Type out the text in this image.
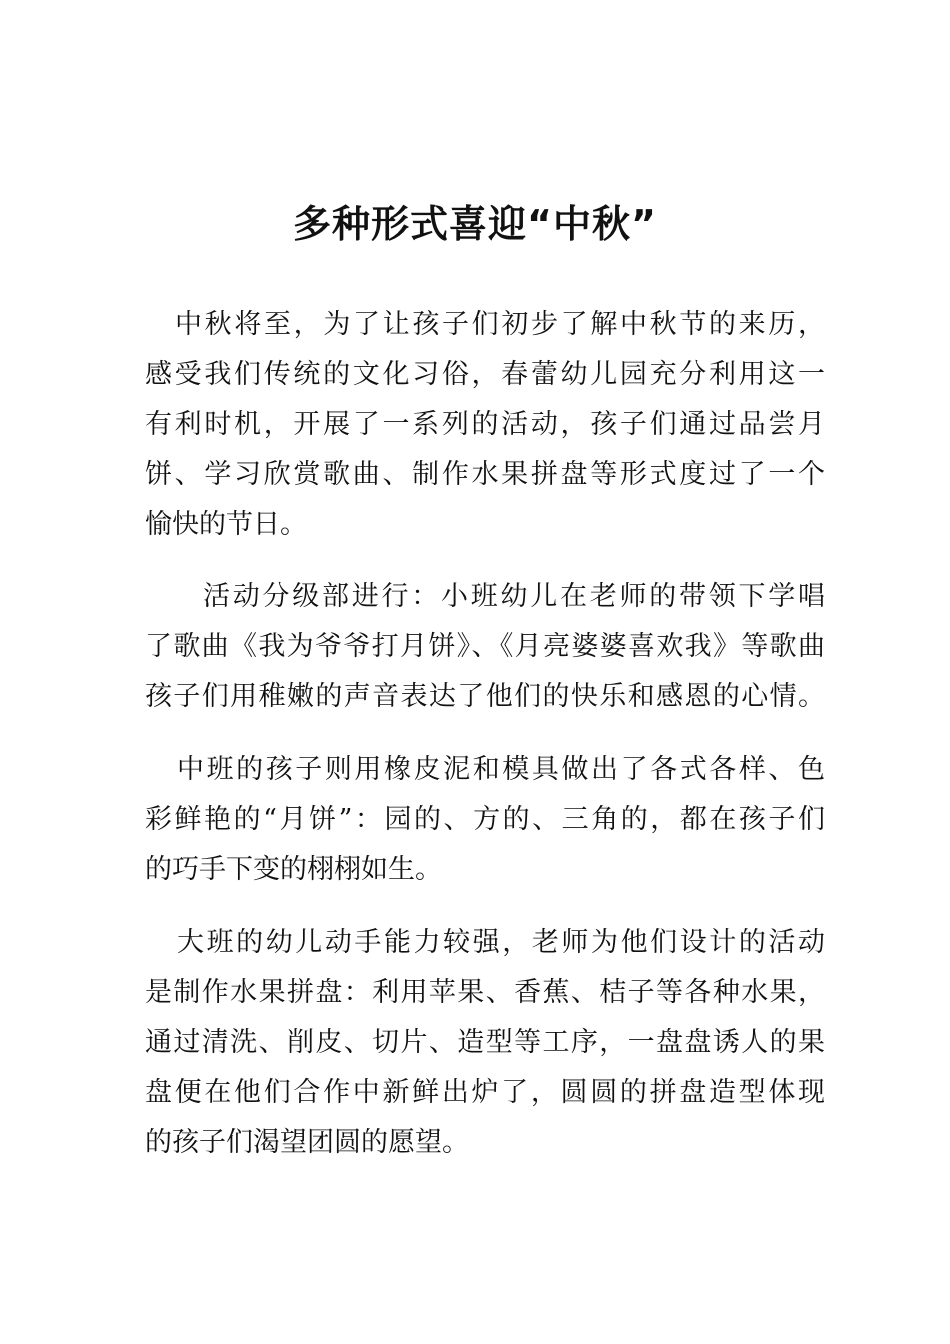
多种形式喜迎“中秋”
中秋将至，为了让孩子们初步了解中秋节的来历，
感受我们传统的文化习俗，春蕾幼儿园充分利用这一
有利时机，开展了一系列的活动，孩子们通过品尝月
饼、学习欣赏歌曲、制作水果拼盘等形式度过了一个
愉快的节日。
活动分级部进行：小班幼儿在老师的带领下学唱
了歌曲《我为爷爷打月饼》、《月亮婆婆喜欢我》等歌曲
孩子们用稚嫩的声音表达了他们的快乐和感恩的心情。
中班的孩子则用橡皮泥和模具做出了各式各样、色
彩鲜艳的“月饼”：园的、方的、三角的，都在孩子们
的巧手下变的栩栩如生。
大班的幼儿动手能力较强，老师为他们设计的活动
是制作水果拼盘：利用苹果、香蕉、桔子等各种水果，
通过清洗、削皮、切片、造型等工序，一盘盘诱人的果
盘便在他们合作中新鲜出炉了，圆圆的拼盘造型体现
的孩子们渴望团圆的愿望。
